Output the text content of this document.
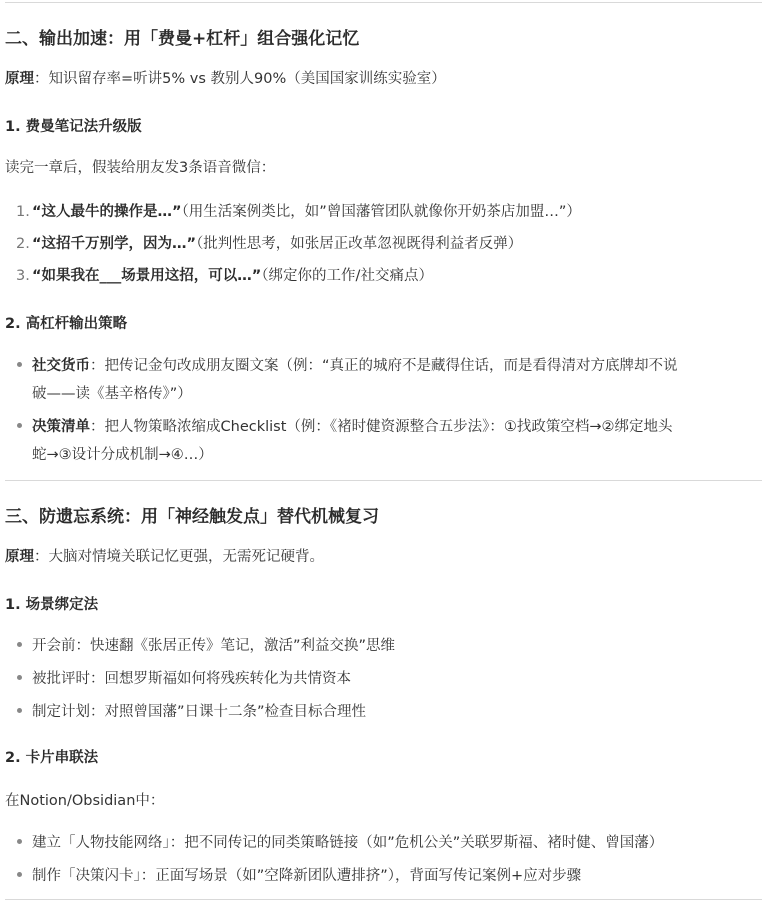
二、输出加速：用「费曼+杠杆」组合强化记忆
原理：知识留存率=听讲5% vs 教别人90%（美国国家训练实验室）
1. 费曼笔记法升级版
读完一章后，假装给朋友发3条语音微信：
1. “这人最牛的操作是…”（用生活案例类比，如”曾国藩管团队就像你开奶茶店加盟…”）
2. “这招千万别学，因为…”（批判性思考，如张居正改革忽视既得利益者反弹）
3. “如果我在___场景用这招，可以…”（绑定你的工作/社交痛点）
2. 高杠杆输出策略
社交货币：把传记金句改成朋友圈文案（例：“真正的城府不是藏得住话，而是看得清对方底牌却不说
破——读《基辛格传》”）
决策清单：把人物策略浓缩成Checklist（例：《褚时健资源整合五步法》：①找政策空档→②绑定地头
蛇→③设计分成机制→④…）
三、防遗忘系统：用「神经触发点」替代机械复习
原理：大脑对情境关联记忆更强，无需死记硬背。
1. 场景绑定法
开会前：快速翻《张居正传》笔记，激活”利益交换”思维
被批评时：回想罗斯福如何将残疾转化为共情资本
制定计划：对照曾国藩”日课十二条”检查目标合理性
2. 卡片串联法
在Notion/Obsidian中：
建立「人物技能网络」：把不同传记的同类策略链接（如”危机公关”关联罗斯福、褚时健、曾国藩）
制作「决策闪卡」：正面写场景（如”空降新团队遭排挤”），背面写传记案例+应对步骤
